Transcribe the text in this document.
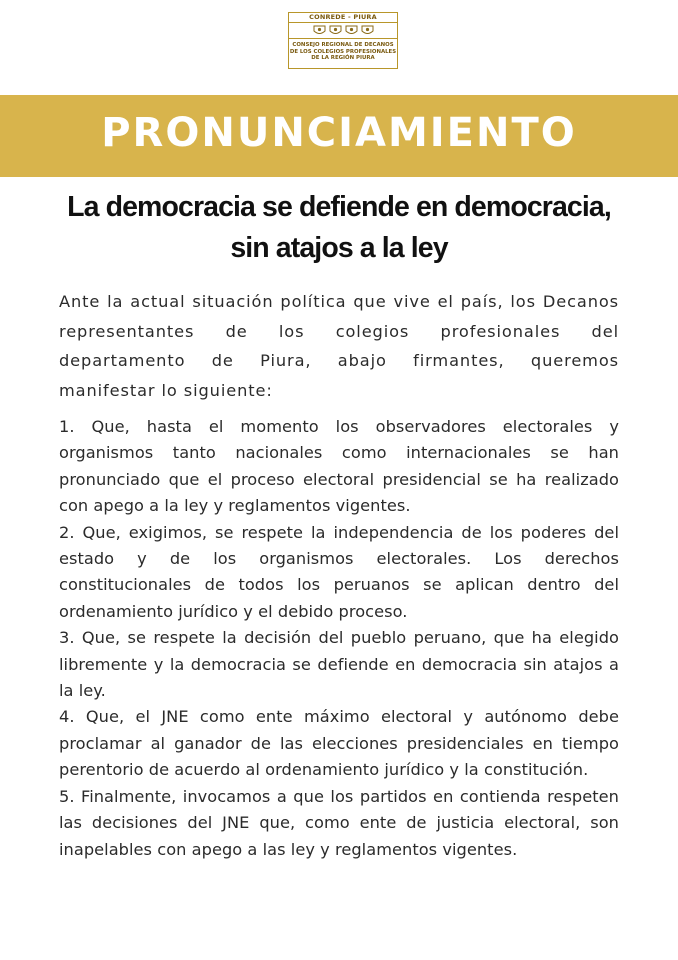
CONREDE - PIURA
CONSEJO REGIONAL DE DECANOS
DE LOS COLEGIOS PROFESIONALES
DE LA REGIÓN PIURA
PRONUNCIAMIENTO
La democracia se defiende en democracia,
sin atajos a la ley

Ante la actual situación política que vive el país, los Decanos representantes de los colegios profesionales del departamento de Piura, abajo firmantes, queremos manifestar lo siguiente:

1. Que, hasta el momento los observadores electorales y organismos tanto nacionales como internacionales se han pronunciado que el proceso electoral presidencial se ha realizado con apego a la ley y reglamentos vigentes.

2. Que, exigimos, se respete la independencia de los poderes del estado y de los organismos electorales. Los derechos constitucionales de todos los peruanos se aplican dentro del ordenamiento jurídico y el debido proceso.

3. Que, se respete la decisión del pueblo peruano, que ha elegido libremente y la democracia se defiende en democracia sin atajos a la ley.

4. Que, el JNE como ente máximo electoral y autónomo debe proclamar al ganador de las elecciones presidenciales en tiempo perentorio de acuerdo al ordenamiento jurídico y la constitución.

5. Finalmente, invocamos a que los partidos en contienda respeten las decisiones del JNE que, como ente de justicia electoral, son inapelables con apego a las ley y reglamentos vigentes.
